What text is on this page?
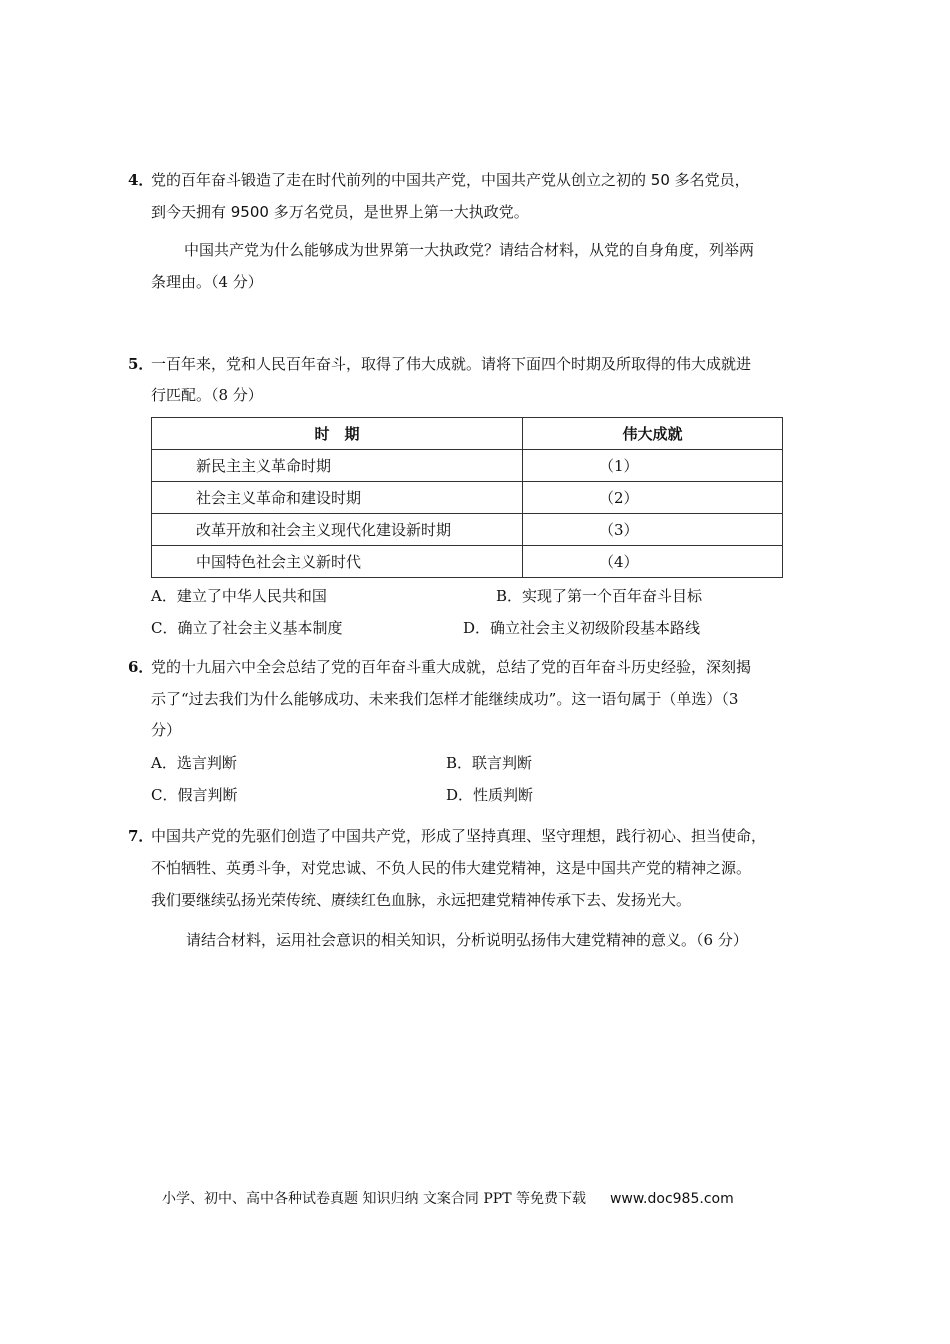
4．
党的百年奋斗锻造了走在时代前列的中国共产党，中国共产党从创立之初的 50 多名党员，
到今天拥有 9500 多万名党员，是世界上第一大执政党。
中国共产党为什么能够成为世界第一大执政党？请结合材料，从党的自身角度，列举两
条理由。（4 分）
5．
一百年来，党和人民百年奋斗，取得了伟大成就。请将下面四个时期及所取得的伟大成就进
行匹配。（8 分）
时　期	伟大成就
新民主主义革命时期	（1）
社会主义革命和建设时期	（2）
改革开放和社会主义现代化建设新时期	（3）
中国特色社会主义新时代	（4）
A．建立了中华人民共和国	B．实现了第一个百年奋斗目标
C．确立了社会主义基本制度	D．确立社会主义初级阶段基本路线
6．
党的十九届六中全会总结了党的百年奋斗重大成就，总结了党的百年奋斗历史经验，深刻揭
示了“过去我们为什么能够成功、未来我们怎样才能继续成功”。这一语句属于（单选）（3
分）
A．选言判断	B．联言判断
C．假言判断	D．性质判断
7．
中国共产党的先驱们创造了中国共产党，形成了坚持真理、坚守理想，践行初心、担当使命，
不怕牺牲、英勇斗争，对党忠诚、不负人民的伟大建党精神，这是中国共产党的精神之源。
我们要继续弘扬光荣传统、赓续红色血脉，永远把建党精神传承下去、发扬光大。
请结合材料，运用社会意识的相关知识，分析说明弘扬伟大建党精神的意义。（6 分）
小学、初中、高中各种试卷真题 知识归纳 文案合同 PPT 等免费下载 www.doc985.com
